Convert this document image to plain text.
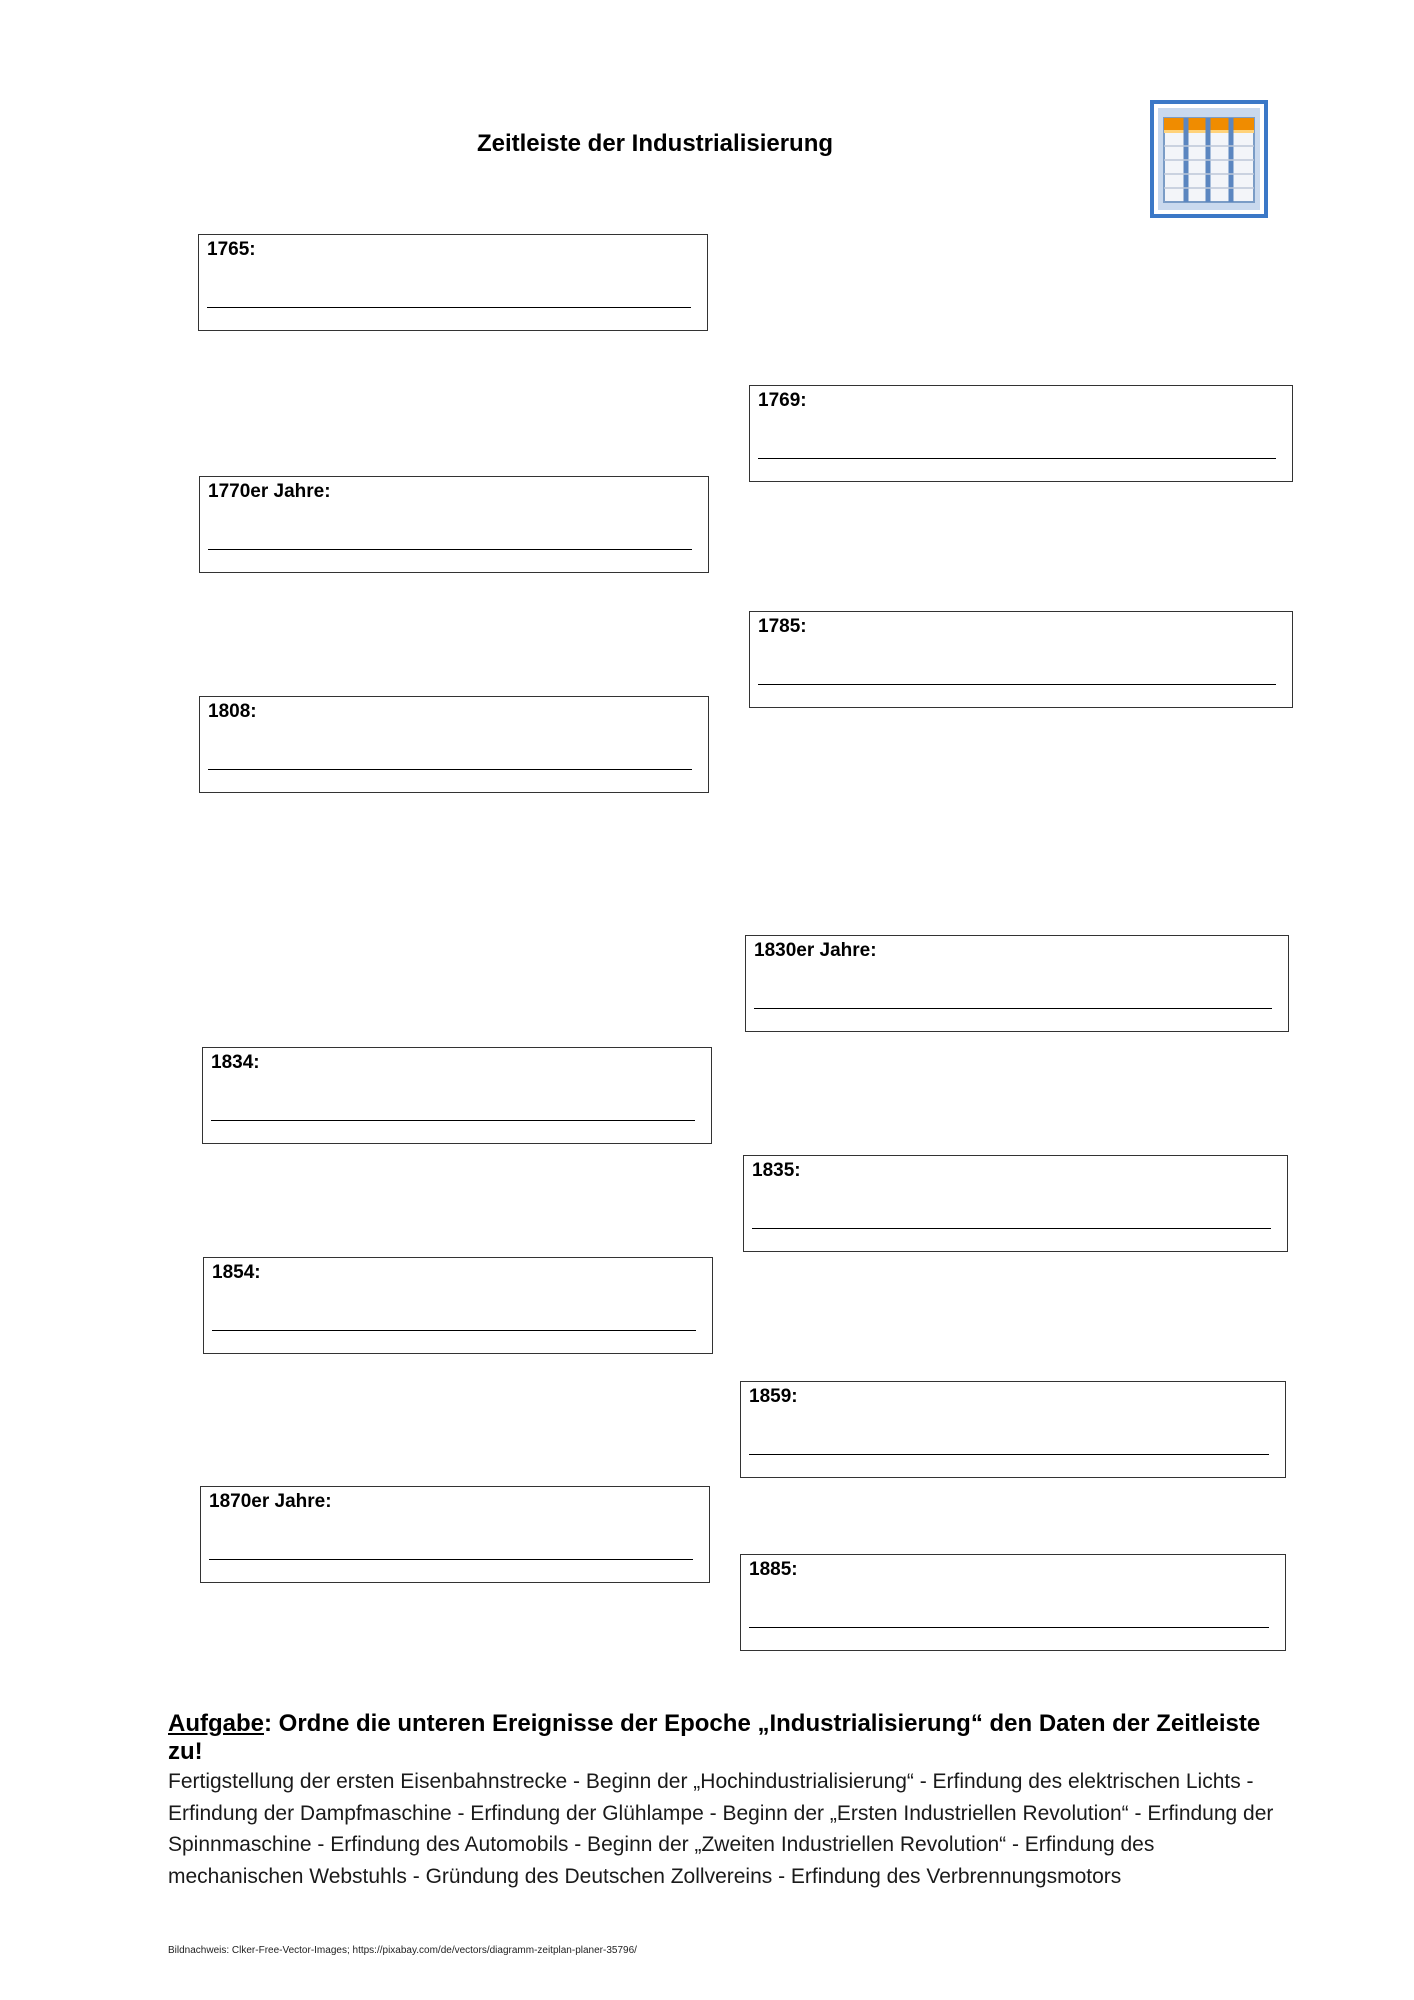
Zeitleiste der Industrialisierung
1765:
1769:
1770er Jahre:
1785:
1808:
1830er Jahre:
1834:
1835:
1854:
1859:
1870er Jahre:
1885:

Aufgabe: Ordne die unteren Ereignisse der Epoche „Industrialisierung“ den Daten der Zeitleiste zu!

Fertigstellung der ersten Eisenbahnstrecke - Beginn der „Hochindustrialisierung“ - Erfindung des elektrischen Lichts - Erfindung der Dampfmaschine - Erfindung der Glühlampe - Beginn der „Ersten Industriellen Revolution“ - Erfindung der Spinnmaschine - Erfindung des Automobils - Beginn der „Zweiten Industriellen Revolution“ - Erfindung des mechanischen Webstuhls - Gründung des Deutschen Zollvereins - Erfindung des Verbrennungsmotors

Bildnachweis: Clker-Free-Vector-Images; https://pixabay.com/de/vectors/diagramm-zeitplan-planer-35796/
